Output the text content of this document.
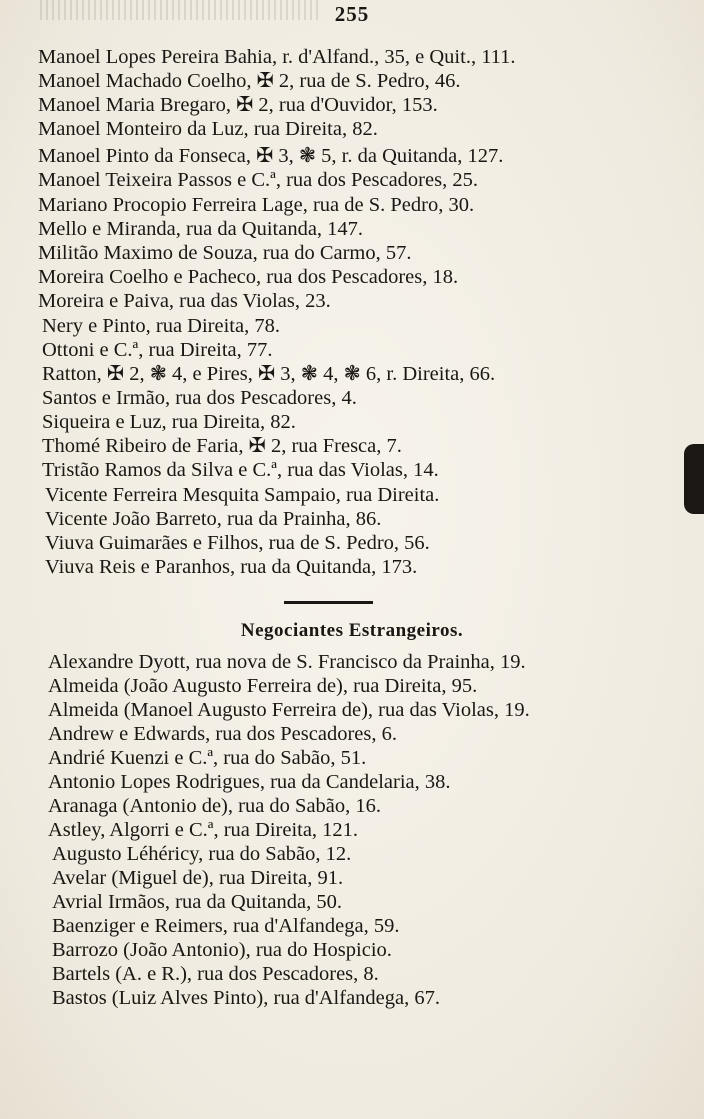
255
Manoel Lopes Pereira Bahia, r. d'Alfand., 35, e Quit., 111.
Manoel Machado Coelho, ✠ 2, rua de S. Pedro, 46.
Manoel Maria Bregaro, ✠ 2, rua d'Ouvidor, 153.
Manoel Monteiro da Luz, rua Direita, 82.
Manoel Pinto da Fonseca, ✠ 3, ❃ 5, r. da Quitanda, 127.
Manoel Teixeira Passos e C.ª, rua dos Pescadores, 25.
Mariano Procopio Ferreira Lage, rua de S. Pedro, 30.
Mello e Miranda, rua da Quitanda, 147.
Militão Maximo de Souza, rua do Carmo, 57.
Moreira Coelho e Pacheco, rua dos Pescadores, 18.
Moreira e Paiva, rua das Violas, 23.
Nery e Pinto, rua Direita, 78.
Ottoni e C.ª, rua Direita, 77.
Ratton, ✠ 2, ❃ 4, e Pires, ✠ 3, ❃ 4, ❃ 6, r. Direita, 66.
Santos e Irmão, rua dos Pescadores, 4.
Siqueira e Luz, rua Direita, 82.
Thomé Ribeiro de Faria, ✠ 2, rua Fresca, 7.
Tristão Ramos da Silva e C.ª, rua das Violas, 14.
Vicente Ferreira Mesquita Sampaio, rua Direita.
Vicente João Barreto, rua da Prainha, 86.
Viuva Guimarães e Filhos, rua de S. Pedro, 56.
Viuva Reis e Paranhos, rua da Quitanda, 173.
Negociantes Estrangeiros.
Alexandre Dyott, rua nova de S. Francisco da Prainha, 19.
Almeida (João Augusto Ferreira de), rua Direita, 95.
Almeida (Manoel Augusto Ferreira de), rua das Violas, 19.
Andrew e Edwards, rua dos Pescadores, 6.
Andrié Kuenzi e C.ª, rua do Sabão, 51.
Antonio Lopes Rodrigues, rua da Candelaria, 38.
Aranaga (Antonio de), rua do Sabão, 16.
Astley, Algorri e C.ª, rua Direita, 121.
Augusto Léhéricy, rua do Sabão, 12.
Avelar (Miguel de), rua Direita, 91.
Avrial Irmãos, rua da Quitanda, 50.
Baenziger e Reimers, rua d'Alfandega, 59.
Barrozo (João Antonio), rua do Hospicio.
Bartels (A. e R.), rua dos Pescadores, 8.
Bastos (Luiz Alves Pinto), rua d'Alfandega, 67.
